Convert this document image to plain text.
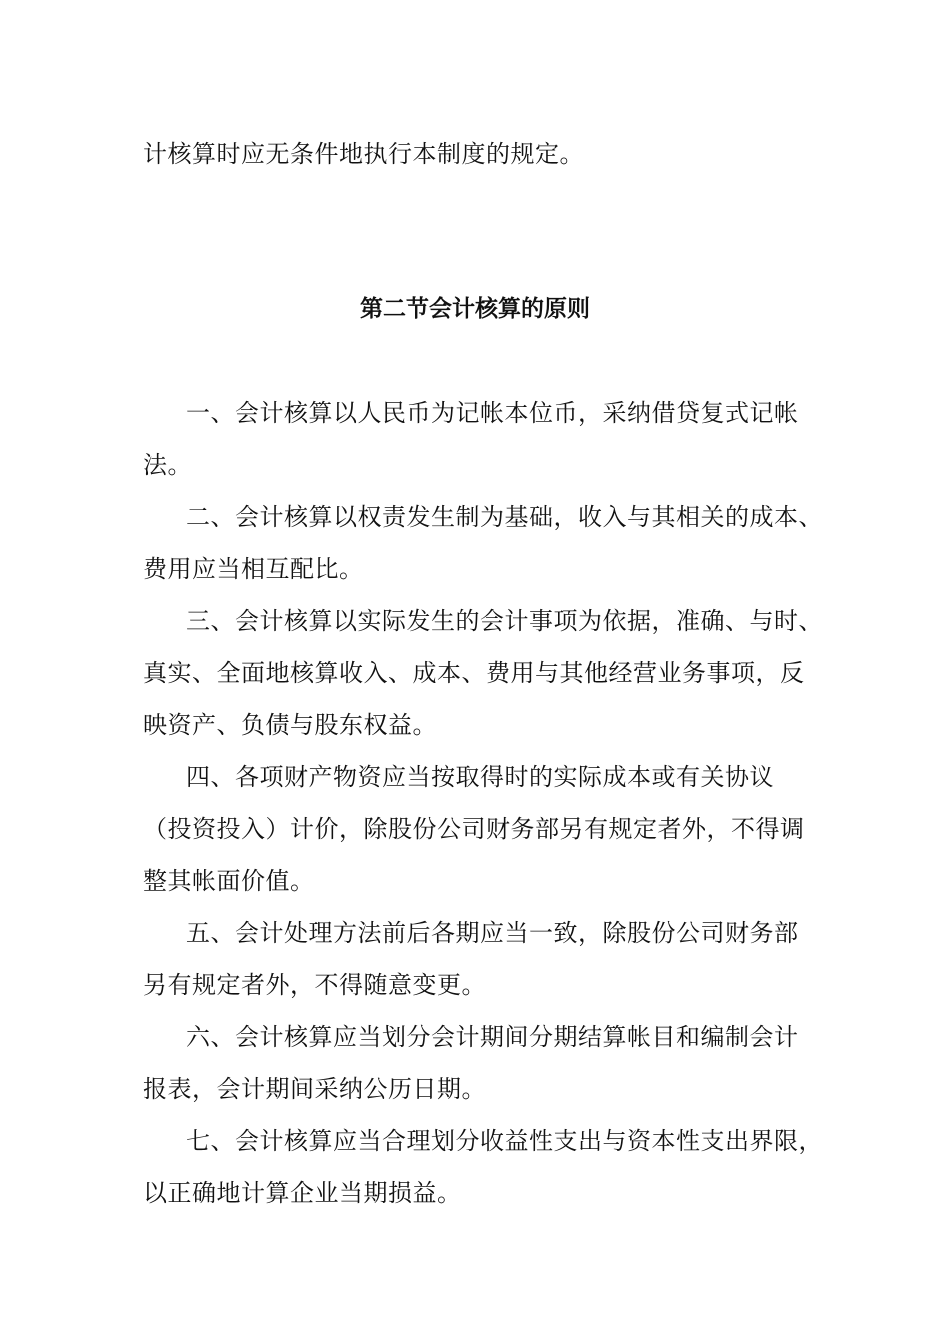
计核算时应无条件地执行本制度的规定。
第二节会计核算的原则
一、会计核算以人民币为记帐本位币，采纳借贷复式记帐
法。
二、会计核算以权责发生制为基础，收入与其相关的成本、
费用应当相互配比。
三、会计核算以实际发生的会计事项为依据，准确、与时、
真实、全面地核算收入、成本、费用与其他经营业务事项，反
映资产、负债与股东权益。
四、各项财产物资应当按取得时的实际成本或有关协议
（投资投入）计价，除股份公司财务部另有规定者外，不得调
整其帐面价值。
五、会计处理方法前后各期应当一致，除股份公司财务部
另有规定者外，不得随意变更。
六、会计核算应当划分会计期间分期结算帐目和编制会计
报表，会计期间采纳公历日期。
七、会计核算应当合理划分收益性支出与资本性支出界限，
以正确地计算企业当期损益。
